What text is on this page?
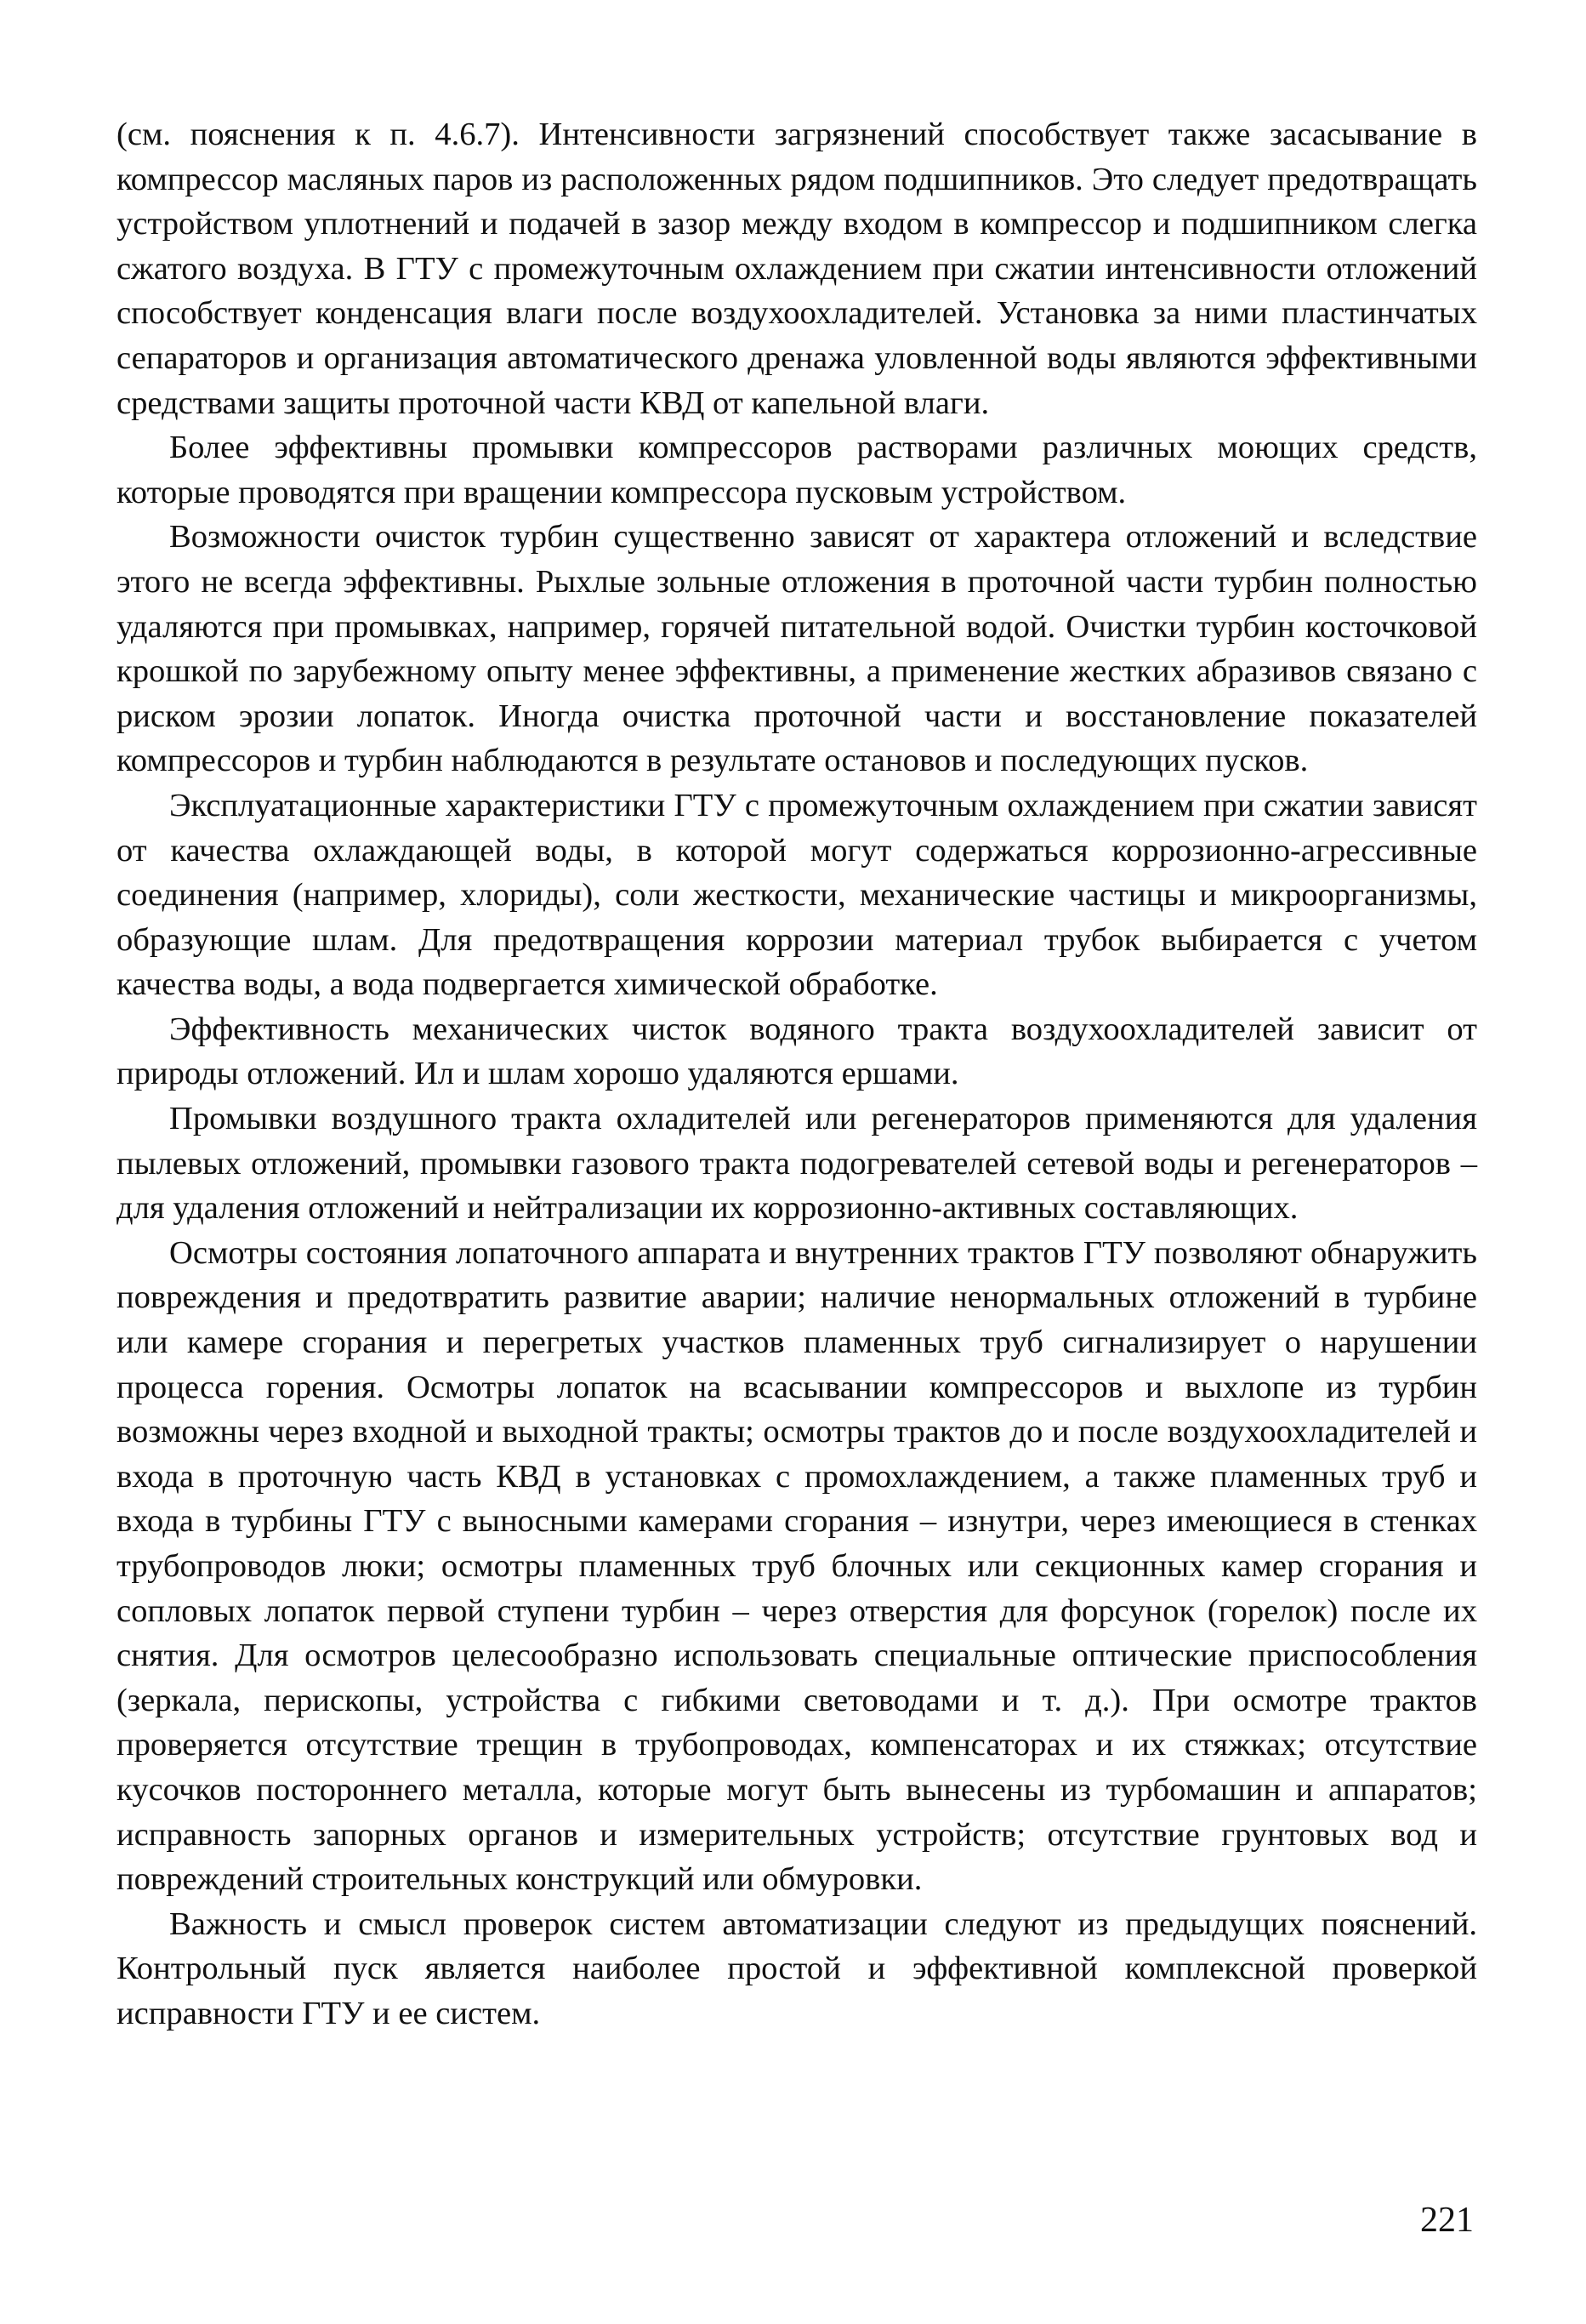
(см. пояснения к п. 4.6.7). Интенсивности загрязнений способствует также засасывание в компрессор масляных паров из расположенных рядом подшипников. Это следует предотвращать устройством уплотнений и подачей в зазор между входом в компрессор и подшипником слегка сжатого воздуха. В ГТУ с промежуточным охлаждением при сжатии интенсивности отложений способствует конденсация влаги после воздухоохладителей. Установка за ними пластинчатых сепараторов и организация автоматического дренажа уловленной воды являются эффективными средствами защиты проточной части КВД от капельной влаги.

Более эффективны промывки компрессоров растворами различных моющих средств, которые проводятся при вращении компрессора пусковым устройством.

Возможности очисток турбин существенно зависят от характера отложений и вследствие этого не всегда эффективны. Рыхлые зольные отложения в проточной части турбин полностью удаляются при промывках, например, горячей питательной водой. Очистки турбин косточковой крошкой по зарубежному опыту менее эффективны, а применение жестких абразивов связано с риском эрозии лопаток. Иногда очистка проточной части и восстановление показателей компрессоров и турбин наблюдаются в результате остановов и последующих пусков.

Эксплуатационные характеристики ГТУ с промежуточным охлаждением при сжатии зависят от качества охлаждающей воды, в которой могут содержаться коррозионно-агрессивные соединения (например, хлориды), соли жесткости, механические частицы и микроорганизмы, образующие шлам. Для предотвращения коррозии материал трубок выбирается с учетом качества воды, а вода подвергается химической обработке.

Эффективность механических чисток водяного тракта воздухоохладителей зависит от природы отложений. Ил и шлам хорошо удаляются ершами.

Промывки воздушного тракта охладителей или регенераторов применяются для удаления пылевых отложений, промывки газового тракта подогревателей сетевой воды и регенераторов – для удаления отложений и нейтрализации их коррозионно-активных составляющих.

Осмотры состояния лопаточного аппарата и внутренних трактов ГТУ позволяют обнаружить повреждения и предотвратить развитие аварии; наличие ненормальных отложений в турбине или камере сгорания и перегретых участков пламенных труб сигнализирует о нарушении процесса горения. Осмотры лопаток на всасывании компрессоров и выхлопе из турбин возможны через входной и выходной тракты; осмотры трактов до и после воздухоохладителей и входа в проточную часть КВД в установках с промохлаждением, а также пламенных труб и входа в турбины ГТУ с выносными камерами сгорания – изнутри, через имеющиеся в стенках трубопроводов люки; осмотры пламенных труб блочных или секционных камер сгорания и сопловых лопаток первой ступени турбин – через отверстия для форсунок (горелок) после их снятия. Для осмотров целесообразно использовать специальные оптические приспособления (зеркала, перископы, устройства с гибкими световодами и т. д.). При осмотре трактов проверяется отсутствие трещин в трубопроводах, компенсаторах и их стяжках; отсутствие кусочков постороннего металла, которые могут быть вынесены из турбомашин и аппаратов; исправность запорных органов и измерительных устройств; отсутствие грунтовых вод и повреждений строительных конструкций или обмуровки.

Важность и смысл проверок систем автоматизации следуют из предыдущих пояснений. Контрольный пуск является наиболее простой и эффективной комплексной проверкой исправности ГТУ и ее систем.

221
